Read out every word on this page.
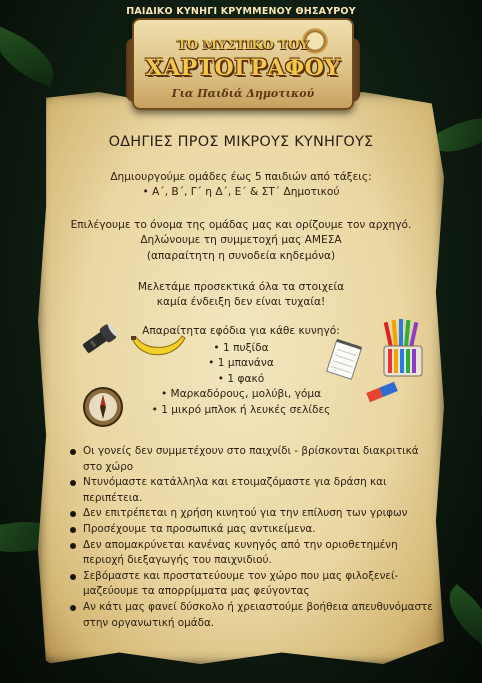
ΠΑΙΔΙΚΟ ΚΥΝΗΓΙ ΚΡΥΜΜΕΝΟΥ ΘΗΣΑΥΡΟΥ
ΤΟ ΜΥΣΤΙΚΟ ΤΟΥ
ΧΑΡΤΟΓΡΑΦΟΥ
Για Παιδιά Δημοτικού
ΟΔΗΓΙΕΣ ΠΡΟΣ ΜΙΚΡΟΥΣ ΚΥΝΗΓΟΥΣ
Δημιουργούμε ομάδες έως 5 παιδιών από τάξεις:
• Α΄, Β΄, Γ΄ η Δ΄, Ε΄ & ΣΤ΄ Δημοτικού
Επιλέγουμε το όνομα της ομάδας μας και ορίζουμε τον αρχηγό.
Δηλώνουμε τη συμμετοχή μας ΑΜΕΣΑ
(απαραίτητη η συνοδεία κηδεμόνα)
Μελετάμε προσεκτικά όλα τα στοιχεία
καμία ένδειξη δεν είναι τυχαία!
Απαραίτητα εφόδια για κάθε κυνηγό:
• 1 πυξίδα
• 1 μπανάνα
• 1 φακό
• Μαρκαδόρους, μολύβι, γόμα
• 1 μικρό μπλοκ ή λευκές σελίδες
Οι γονείς δεν συμμετέχουν στο παιχνίδι - βρίσκονται διακριτικά στο χώρο
Ντυνόμαστε κατάλληλα και ετοιμαζόμαστε για δράση και περιπέτεια.
Δεν επιτρέπεται η χρήση κινητού για την επίλυση των γριφων
Προσέχουμε τα προσωπικά μας αντικείμενα.
Δεν απομακρύνεται κανένας κυνηγός από την οριοθετημένη περιοχή διεξαγωγής του παιχνιδιού.
Σεβόμαστε και προστατεύουμε τον χώρο που μας φιλοξενεί- μαζεύουμε τα απορρίμματα μας φεύγοντας
Αν κάτι μας φανεί δύσκολο ή χρειαστούμε βοήθεια απευθυνόμαστε στην οργανωτική ομάδα.
